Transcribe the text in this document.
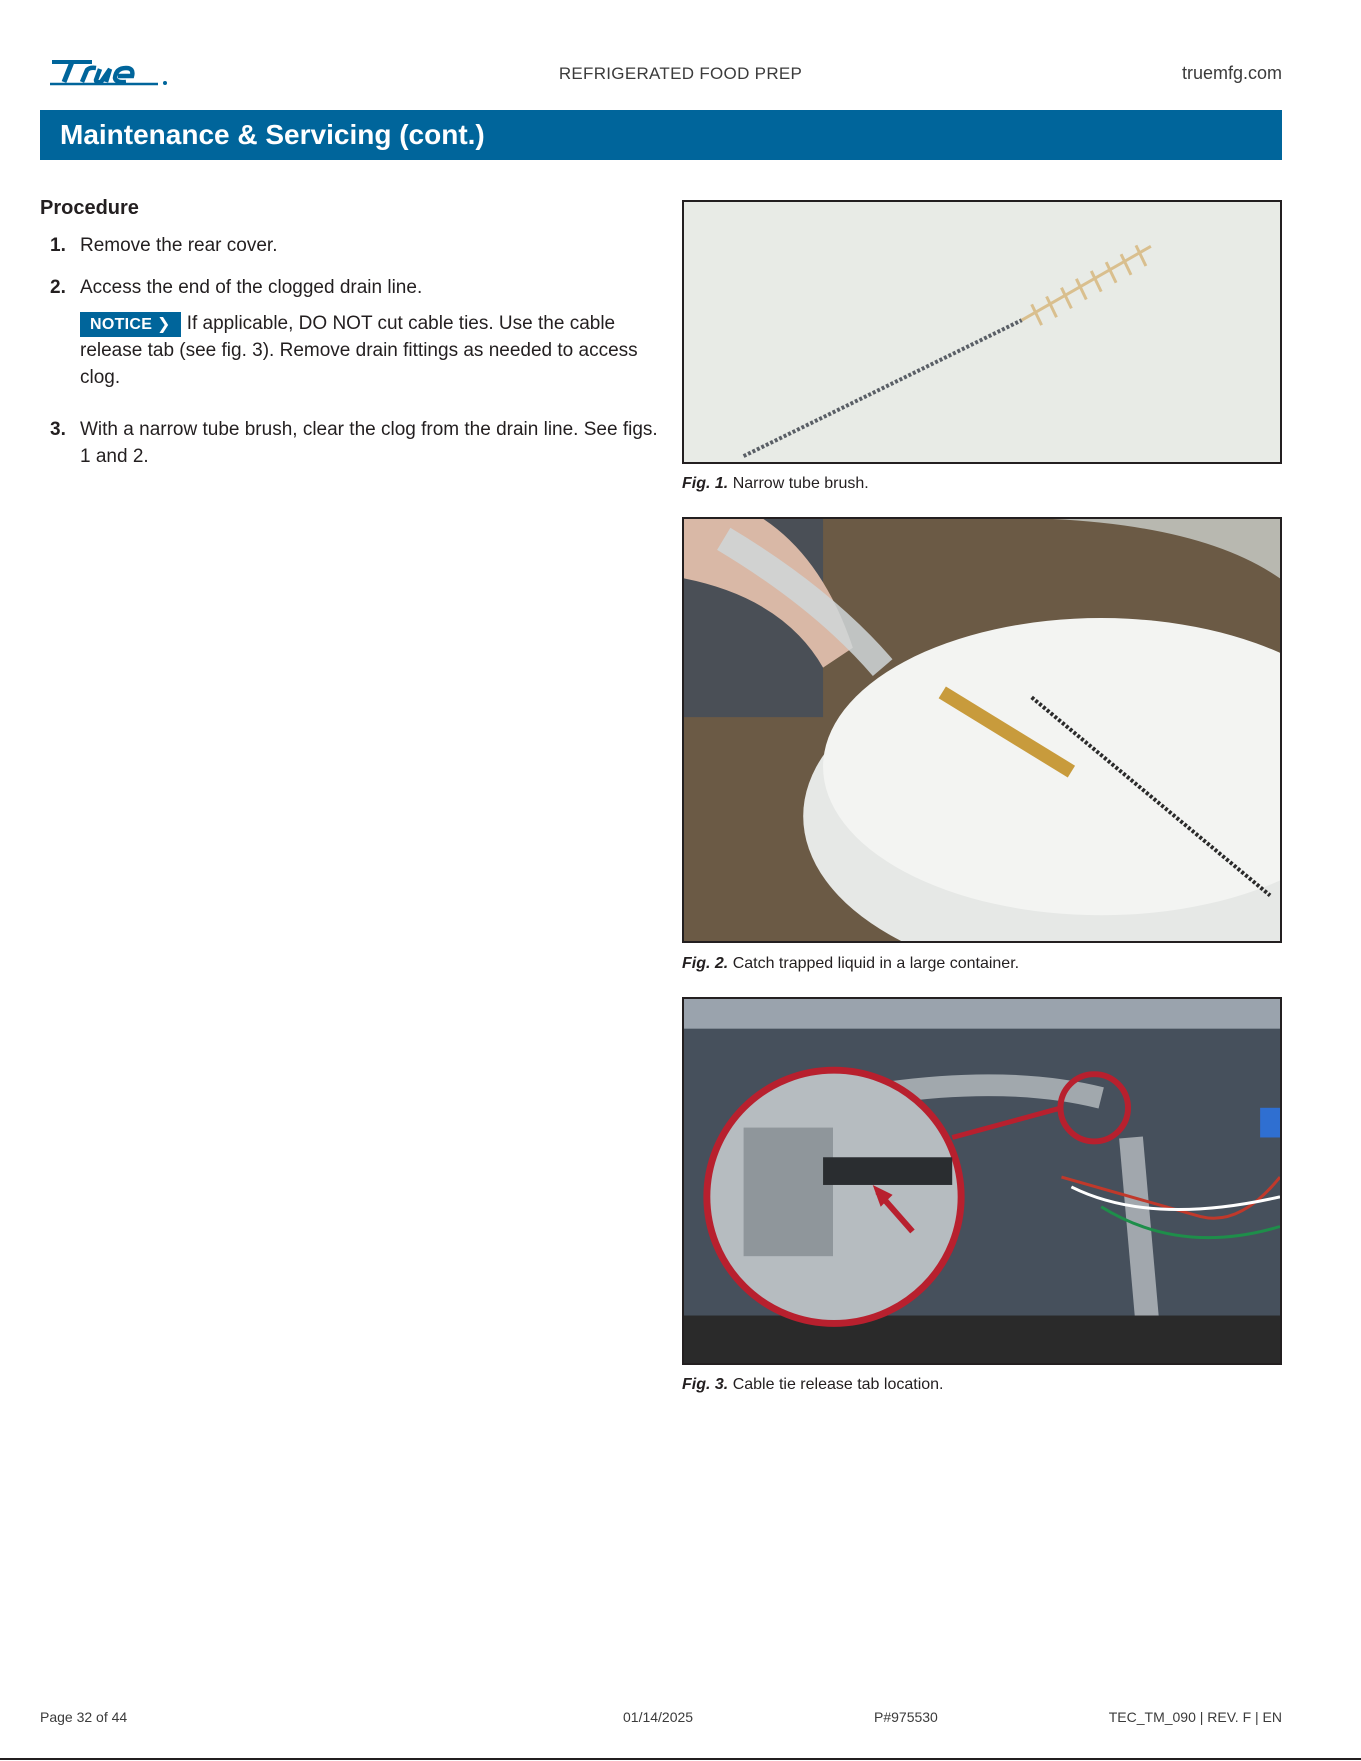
REFRIGERATED FOOD PREP	truemfg.com
Maintenance & Servicing (cont.)
Procedure
1. Remove the rear cover.
2. Access the end of the clogged drain line.
NOTICE ❯ If applicable, DO NOT cut cable ties. Use the cable release tab (see fig. 3). Remove drain fittings as needed to access clog.
3. With a narrow tube brush, clear the clog from the drain line. See figs. 1 and 2.
Fig. 1. Narrow tube brush.
Fig. 2. Catch trapped liquid in a large container.
Fig. 3. Cable tie release tab location.
Page 32 of 44	01/14/2025	P#975530	TEC_TM_090 | REV. F | EN
